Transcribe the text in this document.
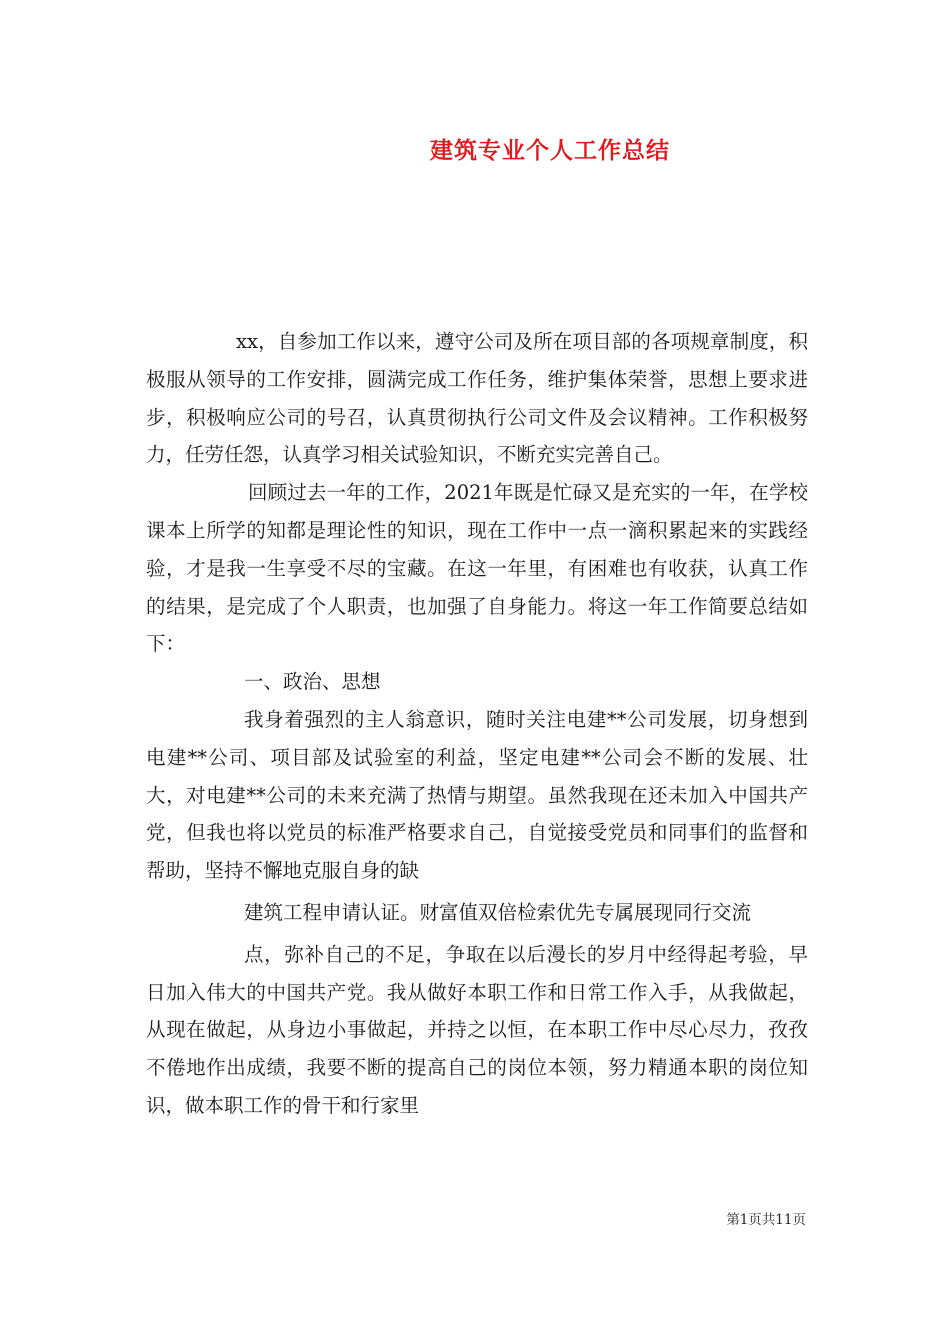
建筑专业个人工作总结

xx，自参加工作以来，遵守公司及所在项目部的各项规章制度，积极服从领导的工作安排，圆满完成工作任务，维护集体荣誉，思想上要求进步，积极响应公司的号召，认真贯彻执行公司文件及会议精神。工作积极努力，任劳任怨，认真学习相关试验知识，不断充实完善自己。

回顾过去一年的工作，2021年既是忙碌又是充实的一年，在学校课本上所学的知都是理论性的知识，现在工作中一点一滴积累起来的实践经验，才是我一生享受不尽的宝藏。在这一年里，有困难也有收获，认真工作的结果，是完成了个人职责，也加强了自身能力。将这一年工作简要总结如下：

一、政治、思想

我身着强烈的主人翁意识，随时关注电建**公司发展，切身想到电建**公司、项目部及试验室的利益，坚定电建**公司会不断的发展、壮大，对电建**公司的未来充满了热情与期望。虽然我现在还未加入中国共产党，但我也将以党员的标准严格要求自己，自觉接受党员和同事们的监督和帮助，坚持不懈地克服自身的缺

建筑工程申请认证。财富值双倍检索优先专属展现同行交流

点，弥补自己的不足，争取在以后漫长的岁月中经得起考验，早日加入伟大的中国共产党。我从做好本职工作和日常工作入手，从我做起，从现在做起，从身边小事做起，并持之以恒，在本职工作中尽心尽力，孜孜不倦地作出成绩，我要不断的提高自己的岗位本领，努力精通本职的岗位知识，做本职工作的骨干和行家里

第1页共11页
